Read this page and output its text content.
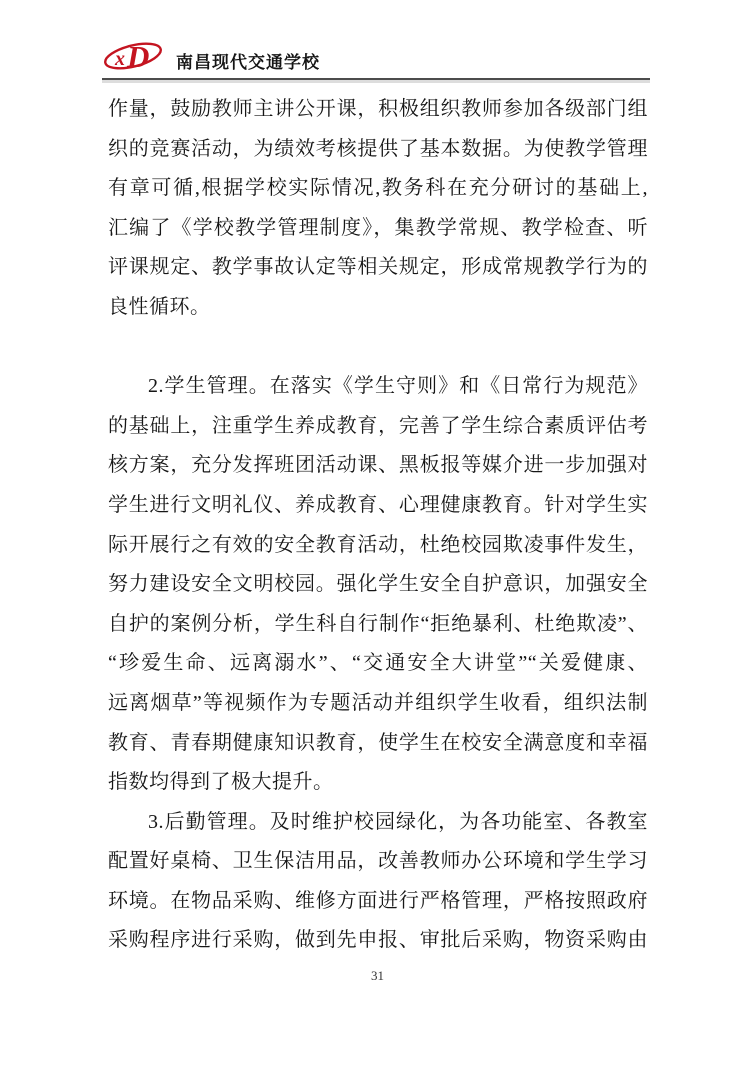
x D 南昌现代交通学校
作量，鼓励教师主讲公开课，积极组织教师参加各级部门组
织的竞赛活动，为绩效考核提供了基本数据。为使教学管理
有章可循,根据学校实际情况,教务科在充分研讨的基础上,
汇编了《学校教学管理制度》，集教学常规、教学检查、听
评课规定、教学事故认定等相关规定，形成常规教学行为的
良性循环。
2.学生管理。在落实《学生守则》和《日常行为规范》
的基础上，注重学生养成教育，完善了学生综合素质评估考
核方案，充分发挥班团活动课、黑板报等媒介进一步加强对
学生进行文明礼仪、养成教育、心理健康教育。针对学生实
际开展行之有效的安全教育活动，杜绝校园欺凌事件发生，
努力建设安全文明校园。强化学生安全自护意识，加强安全
自护的案例分析，学生科自行制作“拒绝暴利、杜绝欺凌”、
“珍爱生命、远离溺水”、“交通安全大讲堂”“关爱健康、
远离烟草”等视频作为专题活动并组织学生收看，组织法制
教育、青春期健康知识教育，使学生在校安全满意度和幸福
指数均得到了极大提升。
3.后勤管理。及时维护校园绿化，为各功能室、各教室
配置好桌椅、卫生保洁用品，改善教师办公环境和学生学习
环境。在物品采购、维修方面进行严格管理，严格按照政府
采购程序进行采购，做到先申报、审批后采购，物资采购由
31
